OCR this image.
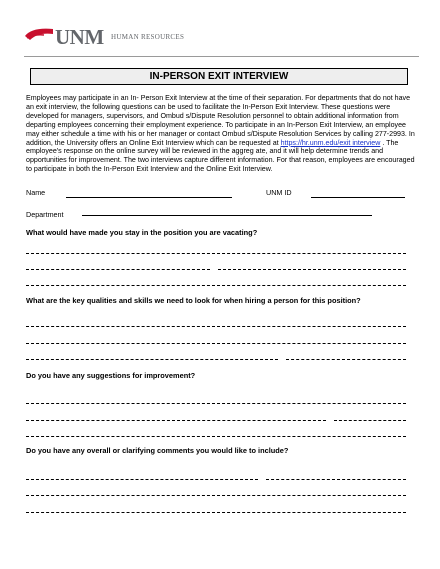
UNM HUMAN RESOURCES
IN-PERSON EXIT INTERVIEW
Employees may participate in an In- Person Exit Interview at the time of their separation. For departments that do not have an exit interview, the following questions can be used to facilitate the In-Person Exit Interview. These questions were developed for managers, supervisors, and Ombud s/Dispute Resolution personnel to obtain additional information from departing employees concerning their employment experience. To participate in an In-Person Exit Interview, an employee may either schedule a time with his or her manager or contact Ombud s/Dispute Resolution Services by calling 277-2993. In addition, the University offers an Online Exit Interview which can be requested at https://hr.unm.edu/exit interview . The employee's response on the online survey will be reviewed in the aggreg ate, and it will help determine trends and opportunities for improvement. The two interviews capture different information. For that reason, employees are encouraged to participate in both the In-Person Exit Interview and the Online Exit Interview.
Name	UNM ID
Department
What would have made you stay in the position you are vacating?
What are the key qualities and skills we need to look for when hiring a person for this position?
Do you have any suggestions for improvement?
Do you have any overall or clarifying comments you would like to include?
